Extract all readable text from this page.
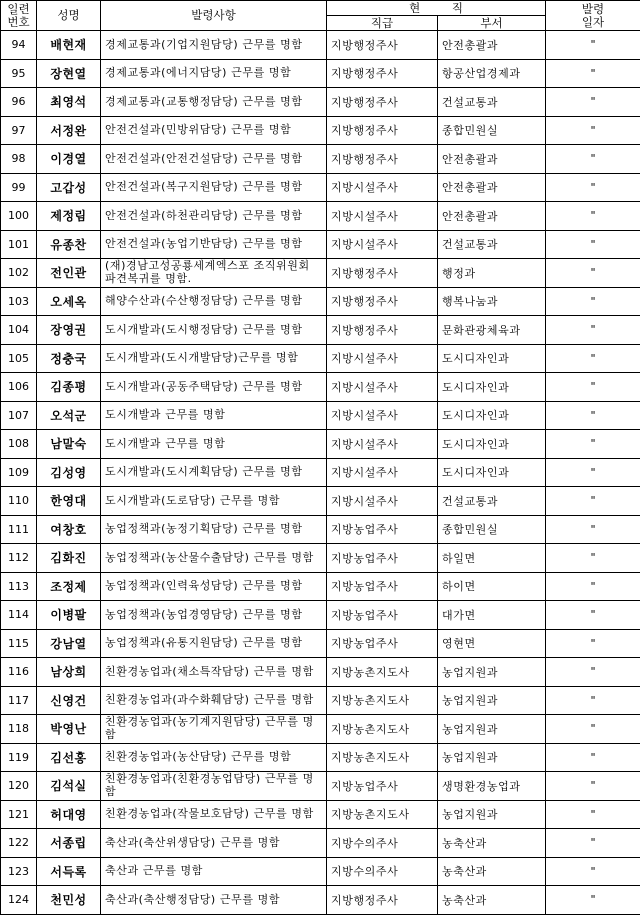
일련
번호	성명	발령사항	현 직		발령
일자
			직급	부서	
94	배현재	경제교통과(기업지원담당) 근무를 명함	지방행정주사	안전총괄과	"
95	장현열	경제교통과(에너지담당) 근무를 명함	지방행정주사	항공산업경제과	"
96	최영석	경제교통과(교통행정담당) 근무를 명함	지방행정주사	건설교통과	"
97	서정완	안전건설과(민방위담당) 근무를 명함	지방행정주사	종합민원실	"
98	이경열	안전건설과(안전건설담당) 근무를 명함	지방행정주사	안전총괄과	"
99	고갑성	안전건설과(복구지원담당) 근무를 명함	지방시설주사	안전총괄과	"
100	제정림	안전건설과(하천관리담당) 근무를 명함	지방시설주사	안전총괄과	"
101	유종찬	안전건설과(농업기반담당) 근무를 명함	지방시설주사	건설교통과	"
102	전인관	(재)경남고성공룡세계엑스포 조직위원회
파견복귀를 명함.	지방행정주사	행정과	"
103	오세옥	해양수산과(수산행정담당) 근무를 명함	지방행정주사	행복나눔과	"
104	장영권	도시개발과(도시행정담당) 근무를 명함	지방행정주사	문화관광체육과	"
105	정충국	도시개발과(도시개발담당)근무를 명함	지방시설주사	도시디자인과	"
106	김종평	도시개발과(공동주택담당) 근무를 명함	지방시설주사	도시디자인과	"
107	오석군	도시개발과 근무를 명함	지방시설주사	도시디자인과	"
108	남말숙	도시개발과 근무를 명함	지방시설주사	도시디자인과	"
109	김성영	도시개발과(도시계획담당) 근무를 명함	지방시설주사	도시디자인과	"
110	한영대	도시개발과(도로담당) 근무를 명함	지방시설주사	건설교통과	"
111	여창호	농업정책과(농정기획담당) 근무를 명함	지방농업주사	종합민원실	"
112	김화진	농업정책과(농산물수출담당) 근무를 명함	지방농업주사	하일면	"
113	조정제	농업정책과(인력육성담당) 근무를 명함	지방농업주사	하이면	"
114	이병팔	농업정책과(농업경영담당) 근무를 명함	지방농업주사	대가면	"
115	강남열	농업정책과(유통지원담당) 근무를 명함	지방농업주사	영현면	"
116	남상희	친환경농업과(채소특작담당) 근무를 명함	지방농촌지도사	농업지원과	"
117	신영건	친환경농업과(과수화훼담당) 근무를 명함	지방농촌지도사	농업지원과	"
118	박영난	친환경농업과(농기계지원담당) 근무를 명
함	지방농촌지도사	농업지원과	"
119	김선홍	친환경농업과(농산담당) 근무를 명함	지방농촌지도사	농업지원과	"
120	김석실	친환경농업과(친환경농업담당) 근무를 명
함	지방농업주사	생명환경농업과	"
121	허대영	친환경농업과(작물보호담당) 근무를 명함	지방농촌지도사	농업지원과	"
122	서종립	축산과(축산위생담당) 근무를 명함	지방수의주사	농축산과	"
123	서득록	축산과 근무를 명함	지방수의주사	농축산과	"
124	천민성	축산과(축산행정담당) 근무를 명함	지방행정주사	농축산과	"
